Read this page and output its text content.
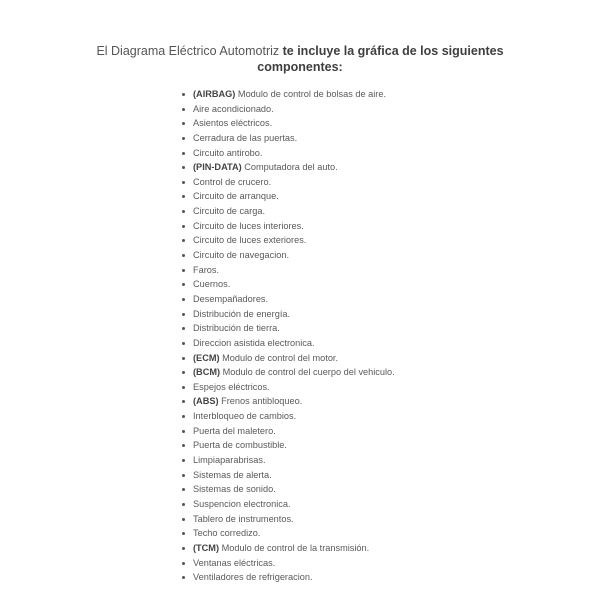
El Diagrama Eléctrico Automotriz te incluye la gráfica de los siguientes componentes:
(AIRBAG) Modulo de control de bolsas de aire.
Aire acondicionado.
Asientos eléctricos.
Cerradura de las puertas.
Circuito antirobo.
(PIN-DATA) Computadora del auto.
Control de crucero.
Circuito de arranque.
Circuito de carga.
Circuito de luces interiores.
Circuito de luces exteriores.
Circuito de navegacion.
Faros.
Cuernos.
Desempañadores.
Distribución de energía.
Distribución de tierra.
Direccion asistida electronica.
(ECM) Modulo de control del motor.
(BCM) Modulo de control del cuerpo del vehiculo.
Espejos eléctricos.
(ABS) Frenos antibloqueo.
Interbloqueo de cambios.
Puerta del maletero.
Puerta de combustible.
Limpiaparabrisas.
Sistemas de alerta.
Sistemas de sonido.
Suspencion electronica.
Tablero de instrumentos.
Techo corredizo.
(TCM) Modulo de control de la transmisión.
Ventanas eléctricas.
Ventiladores de refrigeracion.
